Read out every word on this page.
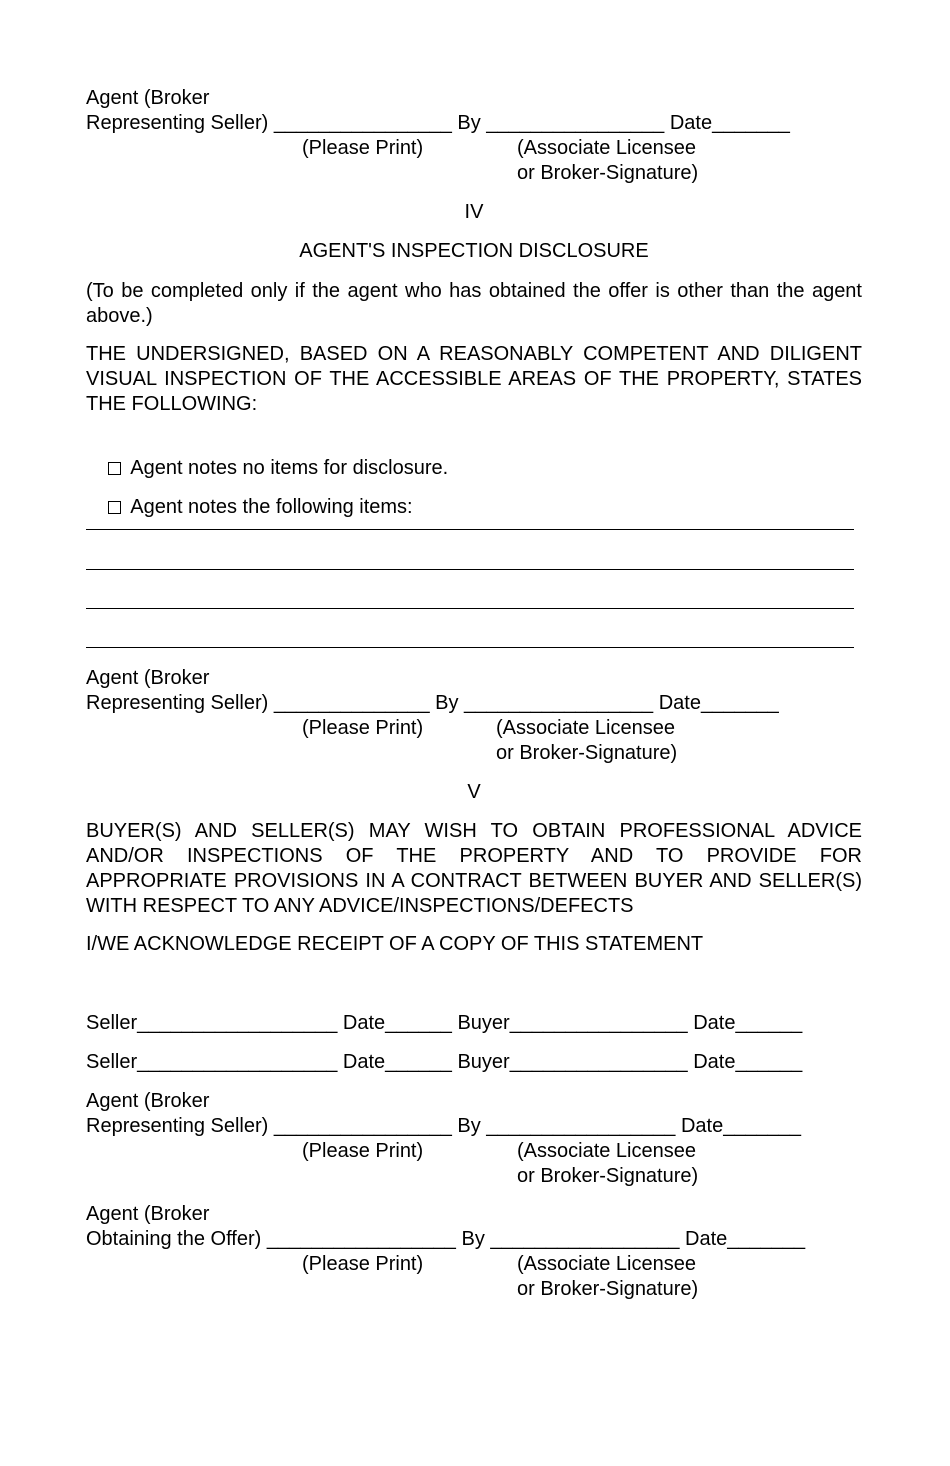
Agent (Broker
Representing Seller) ________________ By ________________ Date_______
(Please Print)	(Associate Licensee
or Broker-Signature)
IV
AGENT'S INSPECTION DISCLOSURE
(To be completed only if the agent who has obtained the offer is other than the agent above.)
THE UNDERSIGNED, BASED ON A REASONABLY COMPETENT AND DILIGENT VISUAL INSPECTION OF THE ACCESSIBLE AREAS OF THE PROPERTY, STATES THE FOLLOWING:

Agent notes no items for disclosure.

Agent notes the following items:

Agent (Broker
Representing Seller) ______________ By _________________ Date_______
(Please Print)	(Associate Licensee
or Broker-Signature)
V
BUYER(S) AND SELLER(S) MAY WISH TO OBTAIN PROFESSIONAL ADVICE AND/OR INSPECTIONS OF THE PROPERTY AND TO PROVIDE FOR APPROPRIATE PROVISIONS IN A CONTRACT BETWEEN BUYER AND SELLER(S) WITH RESPECT TO ANY ADVICE/INSPECTIONS/DEFECTS
I/WE ACKNOWLEDGE RECEIPT OF A COPY OF THIS STATEMENT
Seller__________________ Date______ Buyer________________ Date______
Seller__________________ Date______ Buyer________________ Date______
Agent (Broker
Representing Seller) ________________ By _________________ Date_______
(Please Print)	(Associate Licensee
or Broker-Signature)
Agent (Broker
Obtaining the Offer) _________________ By _________________ Date_______
(Please Print)	(Associate Licensee
or Broker-Signature)
